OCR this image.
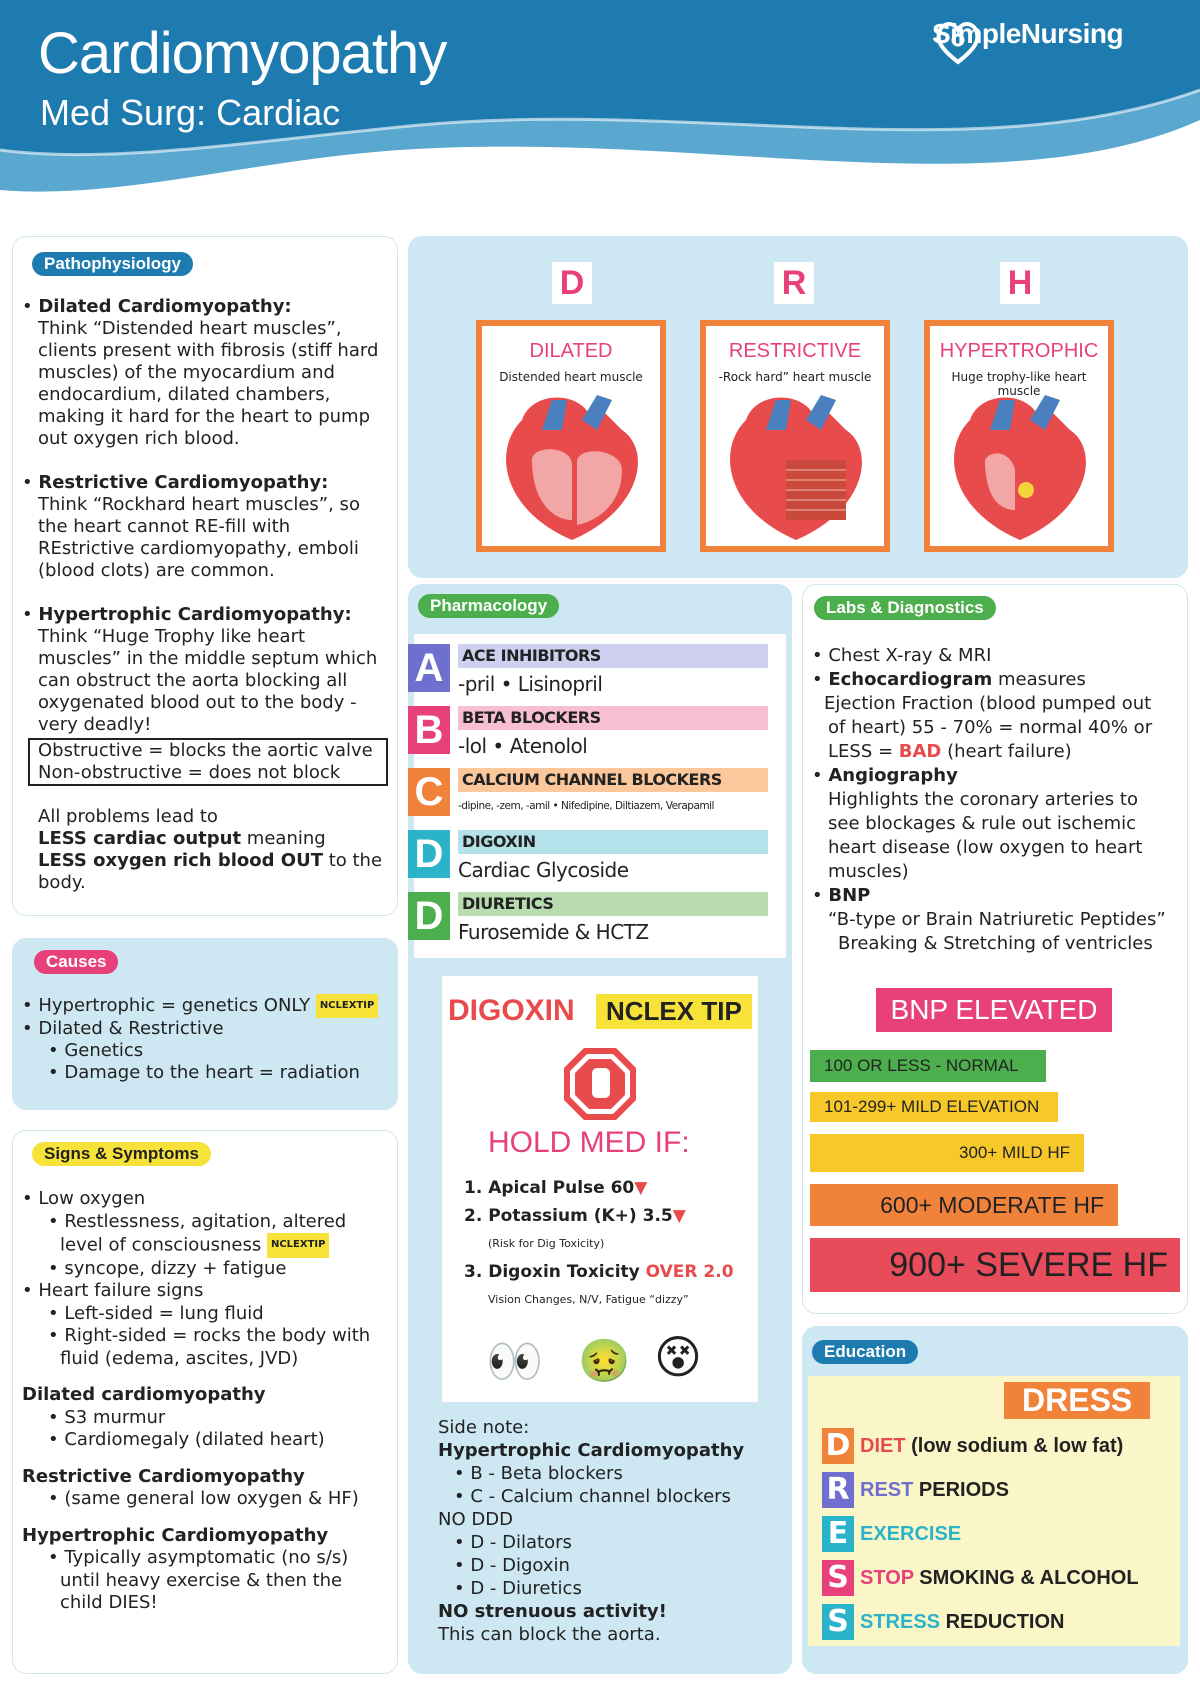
Cardiomyopathy
Med Surg: Cardiac
SimpleNursing
Pathophysiology
• Dilated Cardiomyopathy:
Think “Distended heart muscles”, clients present with fibrosis (stiff hard muscles) of the myocardium and endocardium, dilated chambers, making it hard for the heart to pump out oxygen rich blood.
• Restrictive Cardiomyopathy:
Think “Rockhard heart muscles”, so the heart cannot RE-fill with REstrictive cardiomyopathy, emboli (blood clots) are common.
• Hypertrophic Cardiomyopathy:
Think “Huge Trophy like heart muscles” in the middle septum which can obstruct the aorta blocking all oxygenated blood out to the body - very deadly!
Obstructive = blocks the aortic valve
Non-obstructive = does not block
All problems lead to
LESS cardiac output meaning
LESS oxygen rich blood OUT to the body.
D	R	H
DILATED
Distended heart muscle
RESTRICTIVE
-Rock hard” heart muscle
HYPERTROPHIC
Huge trophy-like heart muscle
Pharmacology
A	ACE INHIBITORS
-pril • Lisinopril
B	BETA BLOCKERS
-lol • Atenolol
C	CALCIUM CHANNEL BLOCKERS
-dipine, -zem, -amil • Nifedipine, Diltiazem, Verapamil
D	DIGOXIN
Cardiac Glycoside
D	DIURETICS
Furosemide & HCTZ
DIGOXIN	NCLEX TIP
HOLD MED IF:
1. Apical Pulse 60▼
2. Potassium (K+) 3.5▼
(Risk for Dig Toxicity)
3. Digoxin Toxicity OVER 2.0
Vision Changes, N/V, Fatigue “dizzy”
👀 🤢 😵
Side note:
Hypertrophic Cardiomyopathy
• B - Beta blockers
• C - Calcium channel blockers
NO DDD
• D - Dilators
• D - Digoxin
• D - Diuretics
NO strenuous activity!
This can block the aorta.
Causes
• Hypertrophic = genetics ONLY NCLEXTIP
• Dilated & Restrictive
• Genetics
• Damage to the heart = radiation
Signs & Symptoms
• Low oxygen
• Restlessness, agitation, altered
level of consciousness NCLEXTIP
• syncope, dizzy + fatigue
• Heart failure signs
• Left-sided = lung fluid
• Right-sided = rocks the body with
fluid (edema, ascites, JVD)
Dilated cardiomyopathy
• S3 murmur
• Cardiomegaly (dilated heart)
Restrictive Cardiomyopathy
• (same general low oxygen & HF)
Hypertrophic Cardiomyopathy
• Typically asymptomatic (no s/s)
until heavy exercise & then the
child DIES!
Labs & Diagnostics
• Chest X-ray & MRI
• Echocardiogram measures
Ejection Fraction (blood pumped out
of heart) 55 - 70% = normal 40% or
LESS = BAD (heart failure)
• Angiography
Highlights the coronary arteries to
see blockages & rule out ischemic
heart disease (low oxygen to heart
muscles)
• BNP
“B-type or Brain Natriuretic Peptides”
Breaking & Stretching of ventricles
BNP ELEVATED
100 OR LESS - NORMAL
101-299+ MILD ELEVATION
300+ MILD HF
600+ MODERATE HF
900+ SEVERE HF
Education
DRESS
D DIET (low sodium & low fat)
R REST PERIODS
E EXERCISE
S STOP SMOKING & ALCOHOL
S STRESS REDUCTION
